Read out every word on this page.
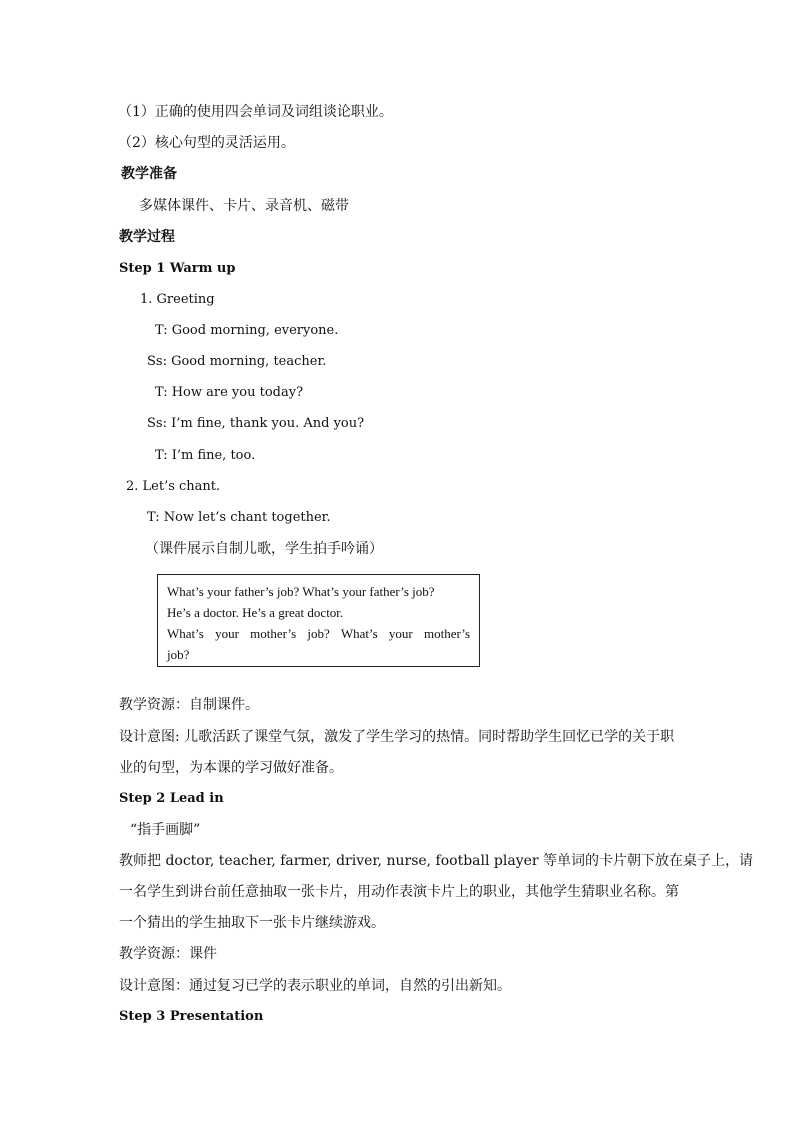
（1）正确的使用四会单词及词组谈论职业。
（2）核心句型的灵活运用。
教学准备
多媒体课件、卡片、录音机、磁带
教学过程
Step 1 Warm up
1. Greeting
T: Good morning, everyone.
Ss: Good morning, teacher.
T: How are you today?
Ss: I’m fine, thank you. And you?
T: I’m fine, too.
2. Let’s chant.
T: Now let’s chant together.
（课件展示自制儿歌，学生拍手吟诵）
What’s your father’s job? What’s your father’s job?
He’s a doctor. He’s a great doctor.
What’s your mother’s job? What’s your mother’s
job?
教学资源：自制课件。
设计意图: 儿歌活跃了课堂气氛，激发了学生学习的热情。同时帮助学生回忆已学的关于职
业的句型，为本课的学习做好准备。
Step 2 Lead in
“指手画脚”
教师把 doctor, teacher, farmer, driver, nurse, football player 等单词的卡片朝下放在桌子上，请
一名学生到讲台前任意抽取一张卡片，用动作表演卡片上的职业，其他学生猜职业名称。第
一个猜出的学生抽取下一张卡片继续游戏。
教学资源：课件
设计意图：通过复习已学的表示职业的单词，自然的引出新知。
Step 3 Presentation
